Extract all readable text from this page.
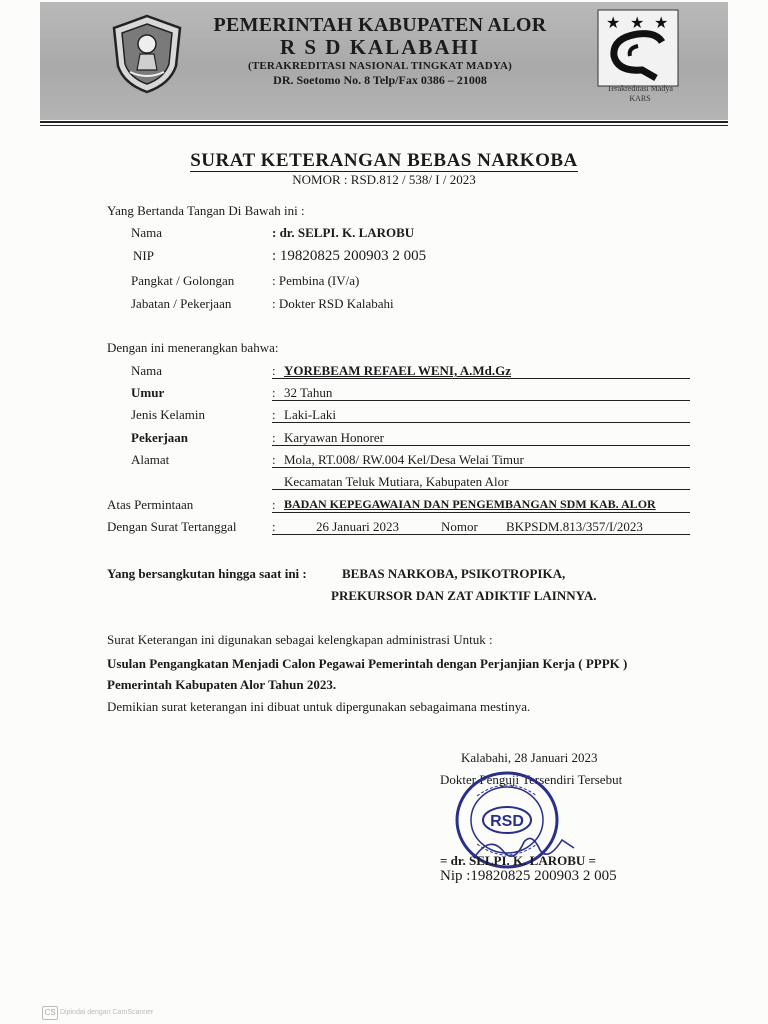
PEMERINTAH KABUPATEN ALOR
R S D KALABAHI
(TERAKREDITASI NASIONAL TINGKAT MADYA)
DR. Soetomo No. 8 Telp/Fax 0386 – 21008
★ ★ ★
Terakreditasi Madya
KARS
SURAT KETERANGAN BEBAS NARKOBA
NOMOR : RSD.812 / 538/ I / 2023
Yang Bertanda Tangan Di Bawah ini :
Nama	: dr. SELPI. K. LAROBU
NIP	: 19820825 200903 2 005
Pangkat / Golongan	: Pembina (IV/a)
Jabatan / Pekerjaan	: Dokter RSD Kalabahi
Dengan ini menerangkan bahwa:
Nama	: YOREBEAM REFAEL WENI, A.Md.Gz
Umur	: 32 Tahun
Jenis Kelamin	: Laki-Laki
Pekerjaan	: Karyawan Honorer
Alamat	: Mola, RT.008/ RW.004 Kel/Desa Welai Timur
Kecamatan Teluk Mutiara, Kabupaten Alor
Atas Permintaan	: BADAN KEPEGAWAIAN DAN PENGEMBANGAN SDM KAB. ALOR
Dengan Surat Tertanggal	:	26 Januari 2023	Nomor BKPSDM.813/357/I/2023
Yang bersangkutan hingga saat ini :	BEBAS NARKOBA, PSIKOTROPIKA,
PREKURSOR DAN ZAT ADIKTIF LAINNYA.
Surat Keterangan ini digunakan sebagai kelengkapan administrasi Untuk :
Usulan Pengangkatan Menjadi Calon Pegawai Pemerintah dengan Perjanjian Kerja ( PPPK )
Pemerintah Kabupaten Alor Tahun 2023.
Demikian surat keterangan ini dibuat untuk dipergunakan sebagaimana mestinya.
Kalabahi, 28 Januari 2023
Dokter Penguji Tersendiri Tersebut
RSD
= dr. SELPI. K. LAROBU =
Nip :19820825 200903 2 005
CS Dipindai dengan CamScanner
